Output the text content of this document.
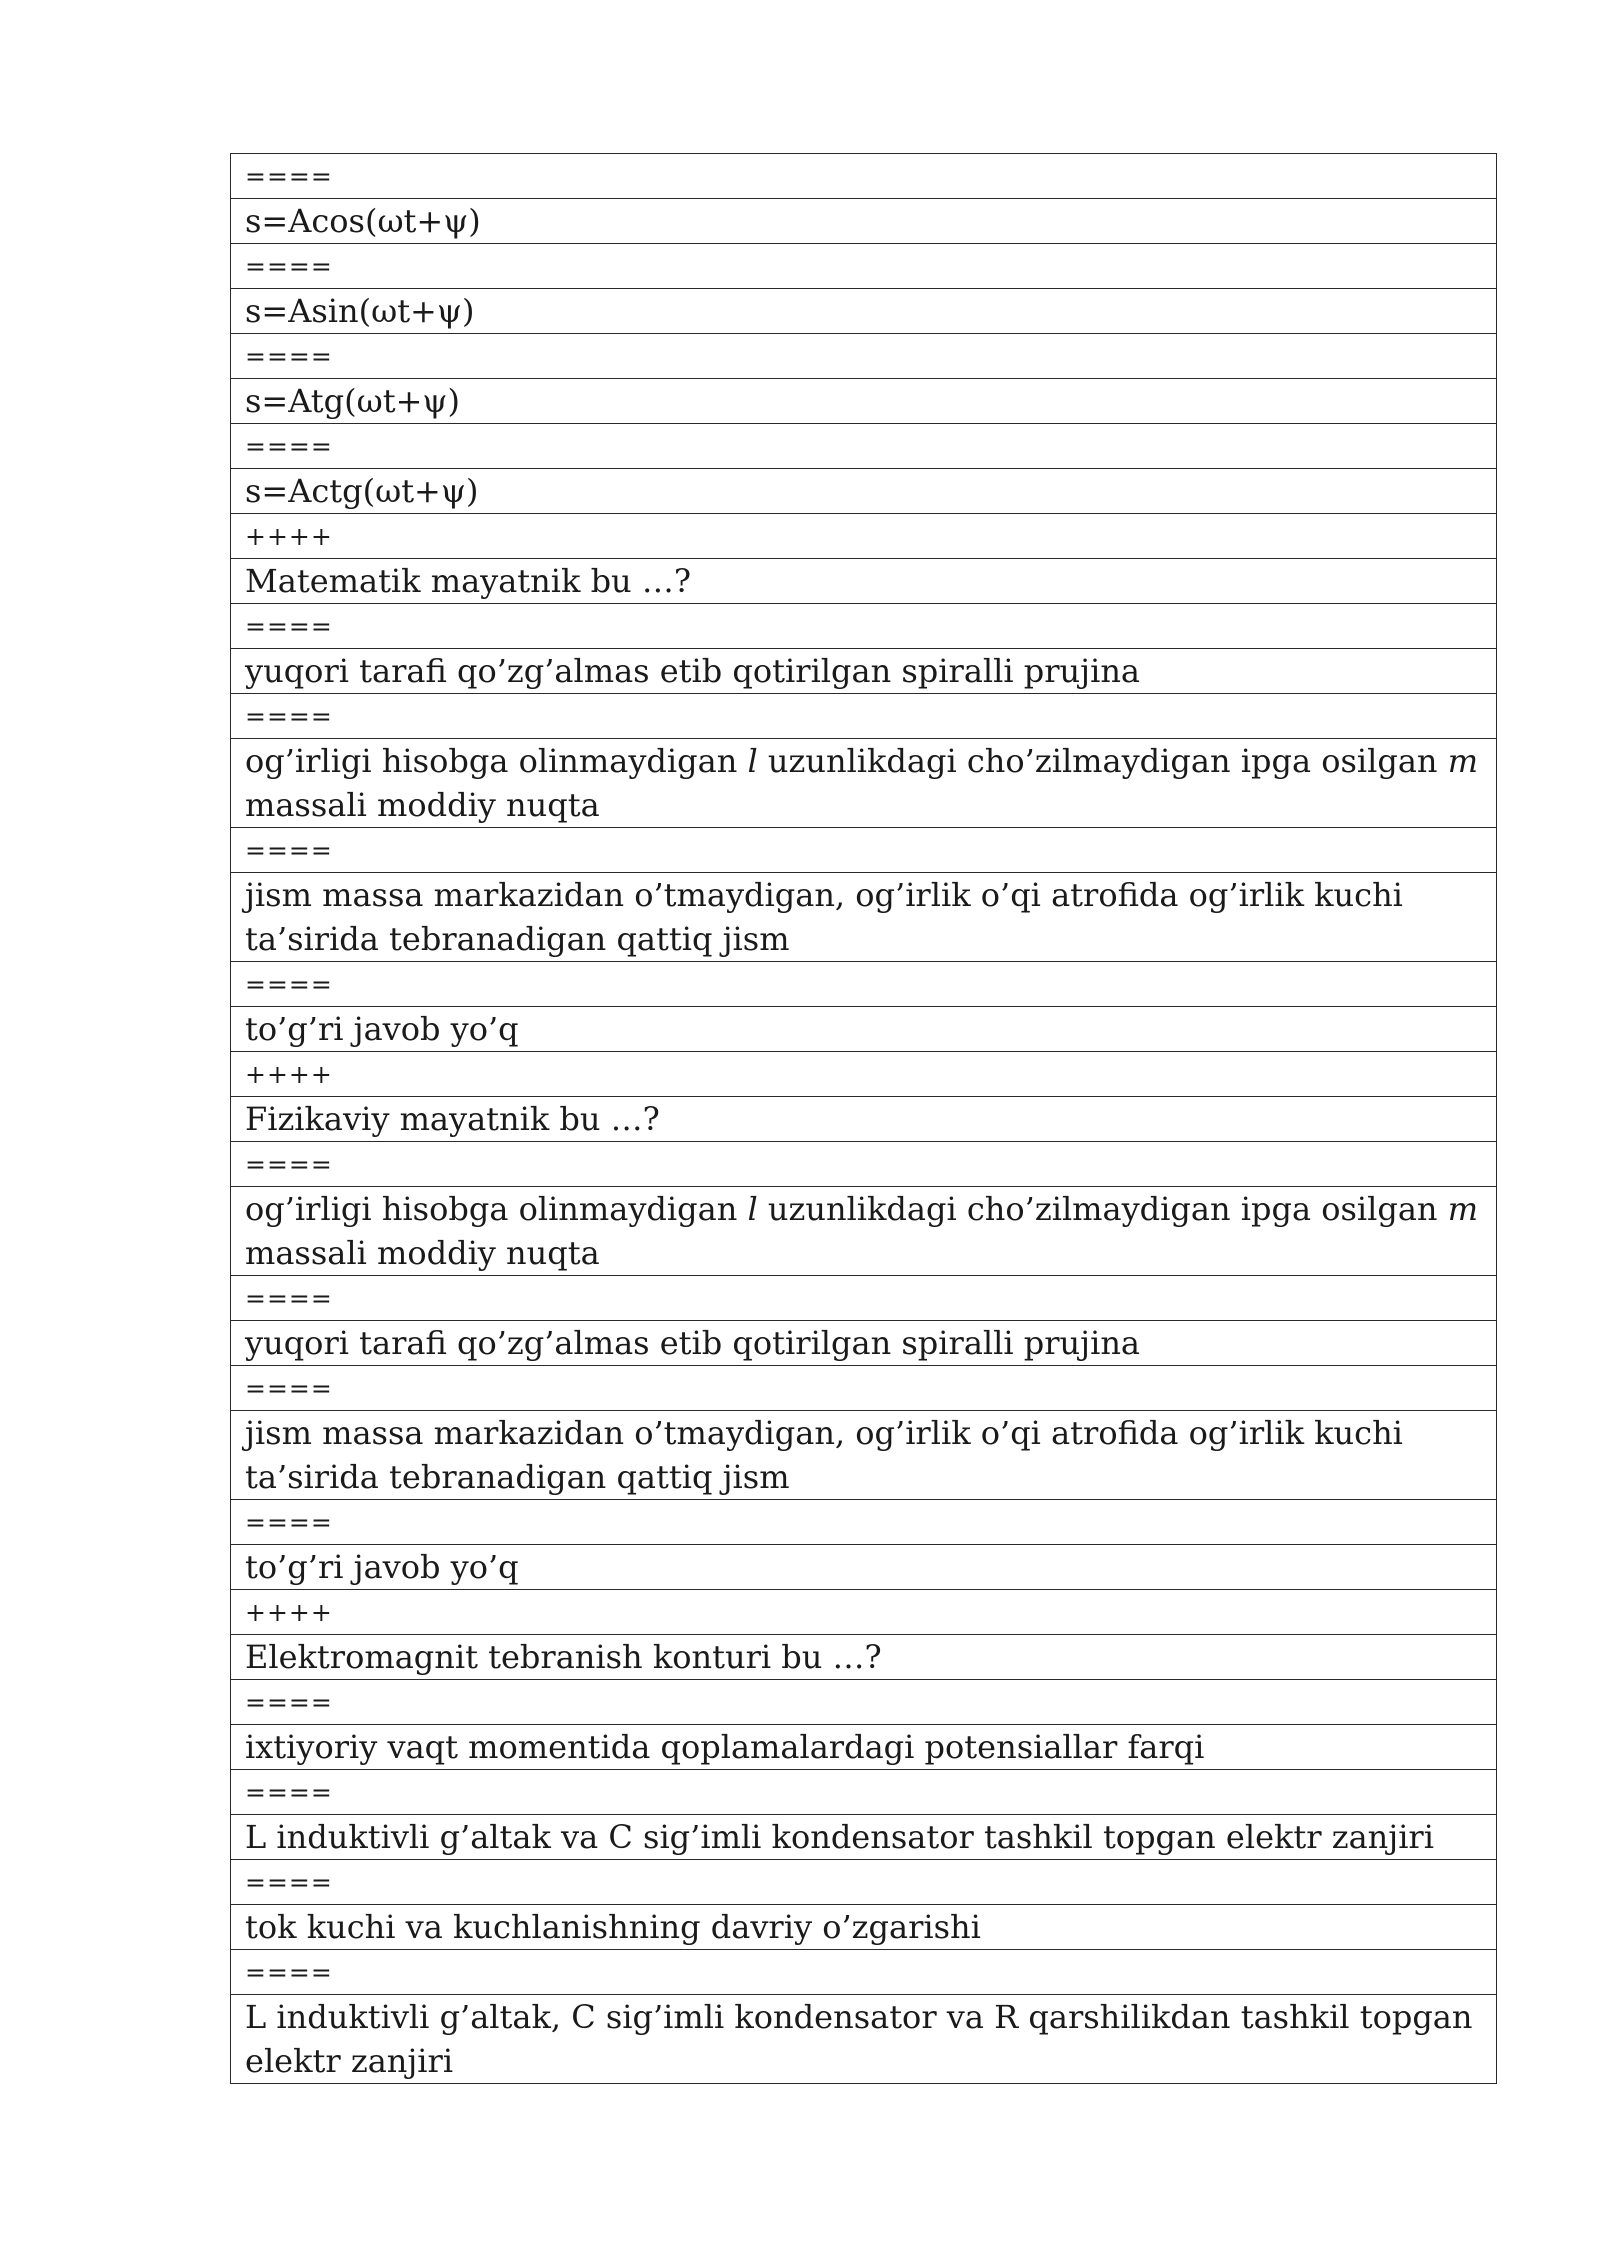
====
s=Acos(ωt+ψ)
====
s=Asin(ωt+ψ)
====
s=Atg(ωt+ψ)
====
s=Actg(ωt+ψ)
++++
Matematik mayatnik bu …?
====
yuqori tarafi qo’zg’almas etib qotirilgan spiralli prujina
====
og’irligi hisobga olinmaydigan l uzunlikdagi cho’zilmaydigan ipga osilgan m massali moddiy nuqta
====
jism massa markazidan o’tmaydigan, og’irlik o’qi atrofida og’irlik kuchi ta’sirida tebranadigan qattiq jism
====
to’g’ri javob yo’q
++++
Fizikaviy mayatnik bu …?
====
og’irligi hisobga olinmaydigan l uzunlikdagi cho’zilmaydigan ipga osilgan m massali moddiy nuqta
====
yuqori tarafi qo’zg’almas etib qotirilgan spiralli prujina
====
jism massa markazidan o’tmaydigan, og’irlik o’qi atrofida og’irlik kuchi ta’sirida tebranadigan qattiq jism
====
to’g’ri javob yo’q
++++
Elektromagnit tebranish konturi bu …?
====
ixtiyoriy vaqt momentida qoplamalardagi potensiallar farqi
====
L induktivli g’altak va C sig’imli kondensator tashkil topgan elektr zanjiri
====
tok kuchi va kuchlanishning davriy o’zgarishi
====
L induktivli g’altak, C sig’imli kondensator va R qarshilikdan tashkil topgan elektr zanjiri
